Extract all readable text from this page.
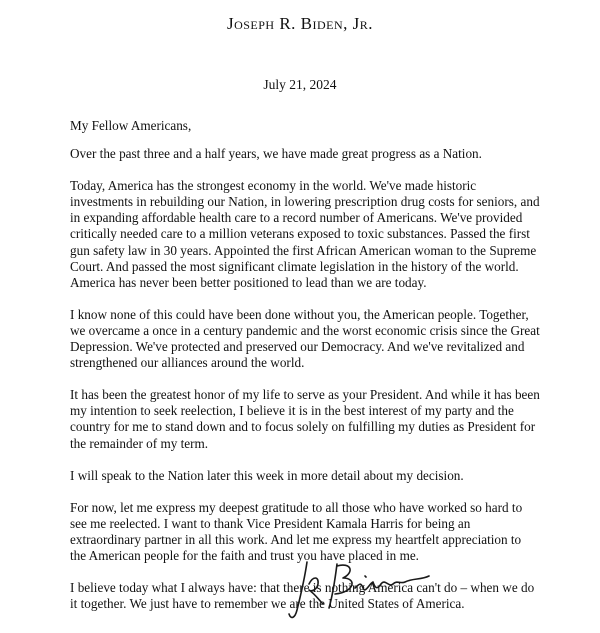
Joseph R. Biden, Jr.
July 21, 2024

My Fellow Americans,

Over the past three and a half years, we have made great progress as a Nation.

Today, America has the strongest economy in the world. We've made historic investments in rebuilding our Nation, in lowering prescription drug costs for seniors, and in expanding affordable health care to a record number of Americans. We've provided critically needed care to a million veterans exposed to toxic substances. Passed the first gun safety law in 30 years. Appointed the first African American woman to the Supreme Court. And passed the most significant climate legislation in the history of the world. America has never been better positioned to lead than we are today.

I know none of this could have been done without you, the American people. Together, we overcame a once in a century pandemic and the worst economic crisis since the Great Depression. We've protected and preserved our Democracy. And we've revitalized and strengthened our alliances around the world.

It has been the greatest honor of my life to serve as your President. And while it has been my intention to seek reelection, I believe it is in the best interest of my party and the country for me to stand down and to focus solely on fulfilling my duties as President for the remainder of my term.

I will speak to the Nation later this week in more detail about my decision.

For now, let me express my deepest gratitude to all those who have worked so hard to see me reelected. I want to thank Vice President Kamala Harris for being an extraordinary partner in all this work. And let me express my heartfelt appreciation to the American people for the faith and trust you have placed in me.

I believe today what I always have: that there is nothing America can't do – when we do it together. We just have to remember we are the United States of America.
